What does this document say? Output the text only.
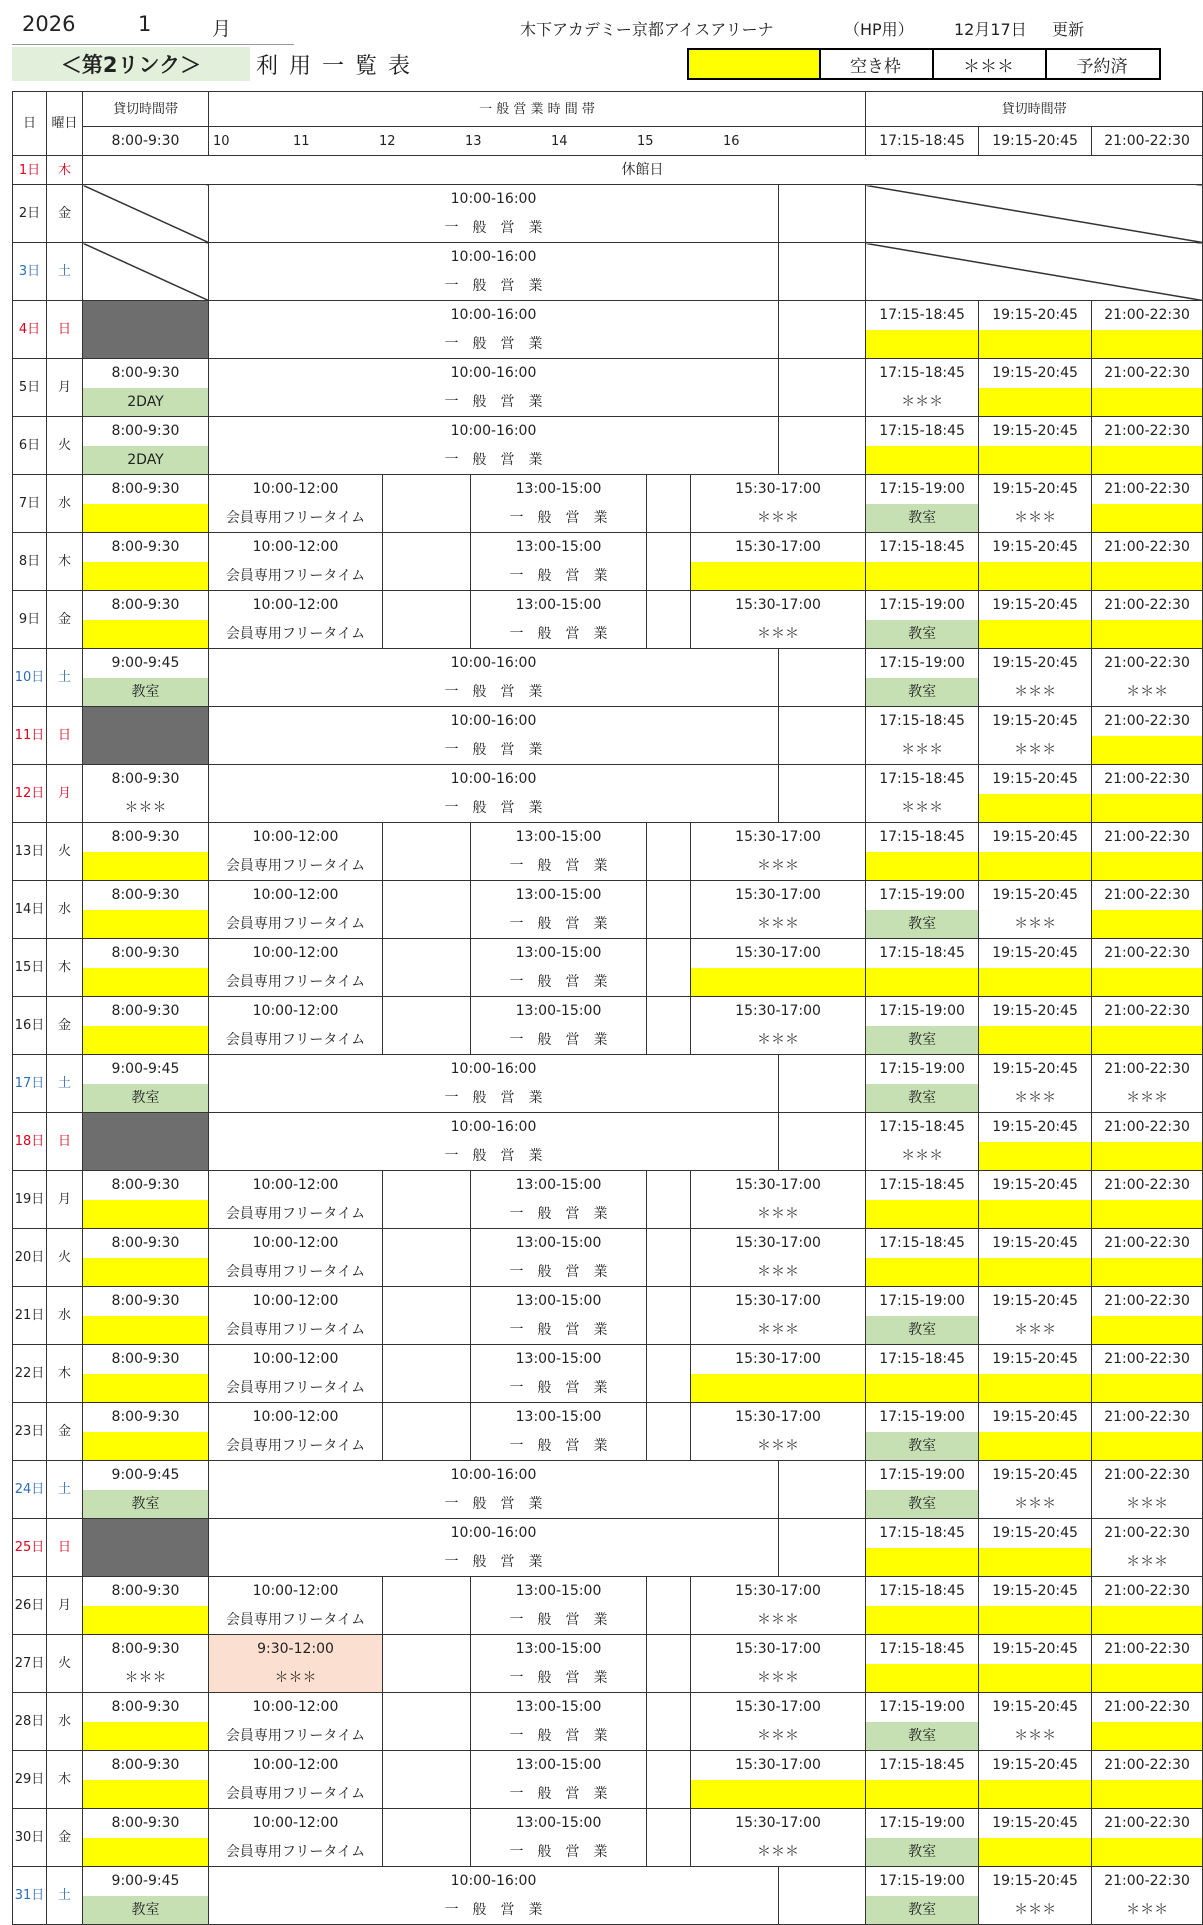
2026	1	月	木下アカデミー京都アイスアリーナ	（HP用）	12月17日 更新
＜第2リンク＞	利 用 一 覧 表	空き枠	＊＊＊	予約済
日	曜日	貸切時間帯	一 般 営 業 時 間 帯						貸切時間帯		
		8:00-9:30	10 11 12 13 14 15 16						17:15-18:45	19:15-20:45	21:00-22:30
1日	木	休館日									

2日	金		10:00-16:00								
			一　般　営　業								
3日	土		10:00-16:00								
			一　般　営　業								
4日	日		10:00-16:00						17:15-18:45	19:15-20:45	21:00-22:30
			一　般　営　業								
5日	月	8:00-9:30	10:00-16:00						17:15-18:45	19:15-20:45	21:00-22:30
		2DAY	一　般　営　業						＊＊＊		
6日	火	8:00-9:30	10:00-16:00						17:15-18:45	19:15-20:45	21:00-22:30
		2DAY	一　般　営　業								
7日	水	8:00-9:30	10:00-12:00		13:00-15:00		15:30-17:00		17:15-19:00	19:15-20:45	21:00-22:30
			会員専用フリータイム		一　般　営　業		＊＊＊		教室	＊＊＊	
8日	木	8:00-9:30	10:00-12:00		13:00-15:00		15:30-17:00		17:15-18:45	19:15-20:45	21:00-22:30
			会員専用フリータイム		一　般　営　業						
9日	金	8:00-9:30	10:00-12:00		13:00-15:00		15:30-17:00		17:15-19:00	19:15-20:45	21:00-22:30
			会員専用フリータイム		一　般　営　業		＊＊＊		教室		
10日	土	9:00-9:45	10:00-16:00						17:15-19:00	19:15-20:45	21:00-22:30
		教室	一　般　営　業						教室	＊＊＊	＊＊＊
11日	日		10:00-16:00						17:15-18:45	19:15-20:45	21:00-22:30
			一　般　営　業						＊＊＊	＊＊＊	
12日	月	8:00-9:30	10:00-16:00						17:15-18:45	19:15-20:45	21:00-22:30
		＊＊＊	一　般　営　業						＊＊＊		
13日	火	8:00-9:30	10:00-12:00		13:00-15:00		15:30-17:00		17:15-18:45	19:15-20:45	21:00-22:30
			会員専用フリータイム		一　般　営　業		＊＊＊				
14日	水	8:00-9:30	10:00-12:00		13:00-15:00		15:30-17:00		17:15-19:00	19:15-20:45	21:00-22:30
			会員専用フリータイム		一　般　営　業		＊＊＊		教室	＊＊＊	
15日	木	8:00-9:30	10:00-12:00		13:00-15:00		15:30-17:00		17:15-18:45	19:15-20:45	21:00-22:30
			会員専用フリータイム		一　般　営　業						
16日	金	8:00-9:30	10:00-12:00		13:00-15:00		15:30-17:00		17:15-19:00	19:15-20:45	21:00-22:30
			会員専用フリータイム		一　般　営　業		＊＊＊		教室		
17日	土	9:00-9:45	10:00-16:00						17:15-19:00	19:15-20:45	21:00-22:30
		教室	一　般　営　業						教室	＊＊＊	＊＊＊
18日	日		10:00-16:00						17:15-18:45	19:15-20:45	21:00-22:30
			一　般　営　業						＊＊＊		
19日	月	8:00-9:30	10:00-12:00		13:00-15:00		15:30-17:00		17:15-18:45	19:15-20:45	21:00-22:30
			会員専用フリータイム		一　般　営　業		＊＊＊				
20日	火	8:00-9:30	10:00-12:00		13:00-15:00		15:30-17:00		17:15-18:45	19:15-20:45	21:00-22:30
			会員専用フリータイム		一　般　営　業		＊＊＊				
21日	水	8:00-9:30	10:00-12:00		13:00-15:00		15:30-17:00		17:15-19:00	19:15-20:45	21:00-22:30
			会員専用フリータイム		一　般　営　業		＊＊＊		教室	＊＊＊	
22日	木	8:00-9:30	10:00-12:00		13:00-15:00		15:30-17:00		17:15-18:45	19:15-20:45	21:00-22:30
			会員専用フリータイム		一　般　営　業						
23日	金	8:00-9:30	10:00-12:00		13:00-15:00		15:30-17:00		17:15-19:00	19:15-20:45	21:00-22:30
			会員専用フリータイム		一　般　営　業		＊＊＊		教室		
24日	土	9:00-9:45	10:00-16:00						17:15-19:00	19:15-20:45	21:00-22:30
		教室	一　般　営　業						教室	＊＊＊	＊＊＊
25日	日		10:00-16:00						17:15-18:45	19:15-20:45	21:00-22:30
			一　般　営　業								＊＊＊
26日	月	8:00-9:30	10:00-12:00		13:00-15:00		15:30-17:00		17:15-18:45	19:15-20:45	21:00-22:30
			会員専用フリータイム		一　般　営　業		＊＊＊				
27日	火	8:00-9:30	9:30-12:00		13:00-15:00		15:30-17:00		17:15-18:45	19:15-20:45	21:00-22:30
		＊＊＊	＊＊＊		一　般　営　業		＊＊＊				
28日	水	8:00-9:30	10:00-12:00		13:00-15:00		15:30-17:00		17:15-19:00	19:15-20:45	21:00-22:30
			会員専用フリータイム		一　般　営　業		＊＊＊		教室	＊＊＊	
29日	木	8:00-9:30	10:00-12:00		13:00-15:00		15:30-17:00		17:15-18:45	19:15-20:45	21:00-22:30
			会員専用フリータイム		一　般　営　業						
30日	金	8:00-9:30	10:00-12:00		13:00-15:00		15:30-17:00		17:15-19:00	19:15-20:45	21:00-22:30
			会員専用フリータイム		一　般　営　業		＊＊＊		教室		
31日	土	9:00-9:45	10:00-16:00						17:15-19:00	19:15-20:45	21:00-22:30
		教室	一　般　営　業						教室	＊＊＊	＊＊＊
